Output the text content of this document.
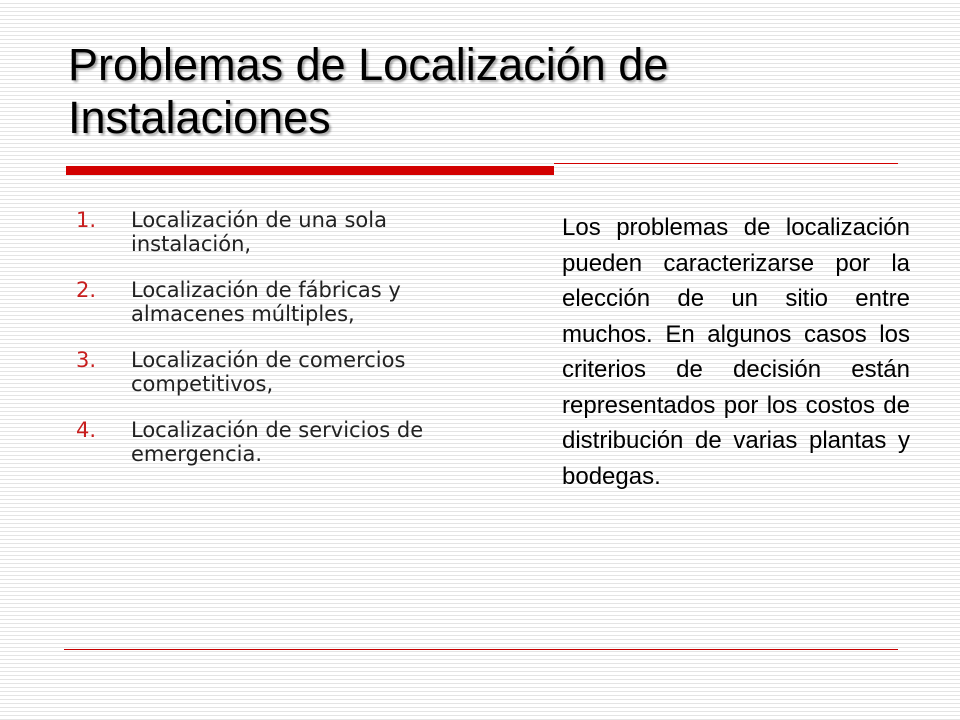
Problemas de Localización de Instalaciones
1.	Localización de una sola instalación,
2.	Localización de fábricas y almacenes múltiples,
3.	Localización de comercios competitivos,
4.	Localización de servicios de emergencia.

Los problemas de localización pueden caracterizarse por la elección de un sitio entre muchos. En algunos casos los criterios de decisión están representados por los costos de distribución de varias plantas y bodegas.
